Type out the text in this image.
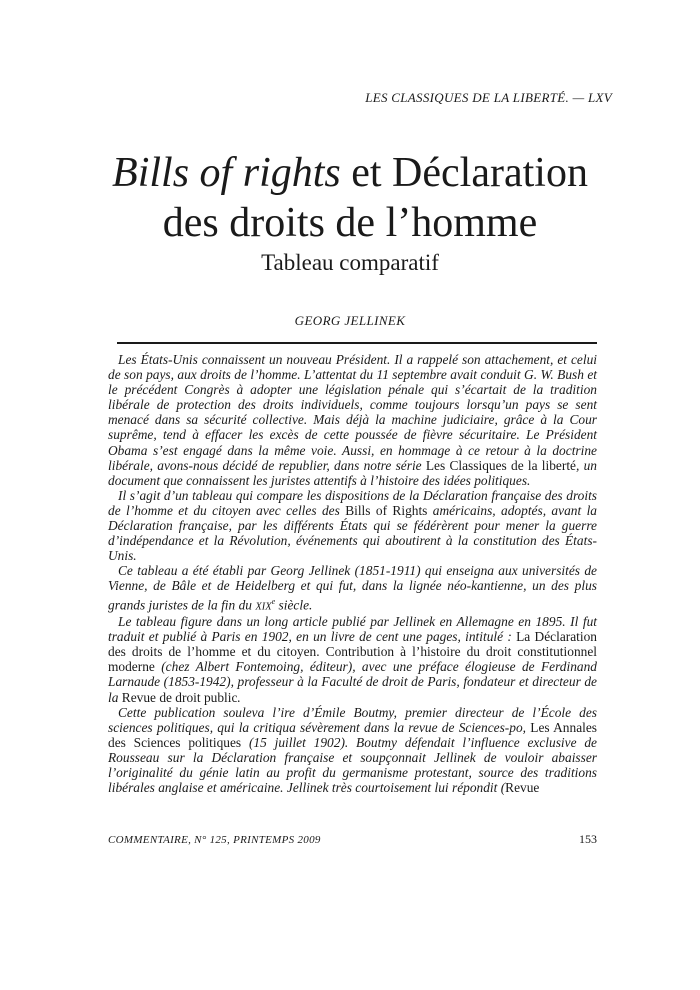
LES CLASSIQUES DE LA LIBERTÉ. — LXV
Bills of rights et Déclaration
des droits de l’homme
Tableau comparatif
GEORG JELLINEK

Les États-Unis connaissent un nouveau Président. Il a rappelé son attachement, et celui de son pays, aux droits de l’homme. L’attentat du 11 septembre avait conduit G. W. Bush et le précédent Congrès à adopter une législation pénale qui s’écartait de la tradition libérale de protection des droits individuels, comme toujours lorsqu’un pays se sent menacé dans sa sécurité collective. Mais déjà la machine judiciaire, grâce à la Cour suprême, tend à effacer les excès de cette poussée de fièvre sécuritaire. Le Président Obama s’est engagé dans la même voie. Aussi, en hommage à ce retour à la doctrine libérale, avons-nous décidé de republier, dans notre série Les Classiques de la liberté, un document que connaissent les juristes attentifs à l’histoire des idées politiques.

Il s’agit d’un tableau qui compare les dispositions de la Déclaration française des droits de l’homme et du citoyen avec celles des Bills of Rights américains, adoptés, avant la Déclaration française, par les différents États qui se fédérèrent pour mener la guerre d’indépendance et la Révolution, événements qui aboutirent à la constitution des États-Unis.

Ce tableau a été établi par Georg Jellinek (1851-1911) qui enseigna aux universités de Vienne, de Bâle et de Heidelberg et qui fut, dans la lignée néo-kantienne, un des plus grands juristes de la fin du XIXe siècle.

Le tableau figure dans un long article publié par Jellinek en Allemagne en 1895. Il fut traduit et publié à Paris en 1902, en un livre de cent une pages, intitulé : La Déclaration des droits de l’homme et du citoyen. Contribution à l’histoire du droit constitutionnel moderne (chez Albert Fontemoing, éditeur), avec une préface élogieuse de Ferdinand Larnaude (1853-1942), professeur à la Faculté de droit de Paris, fondateur et directeur de la Revue de droit public.

Cette publication souleva l’ire d’Émile Boutmy, premier directeur de l’École des sciences politiques, qui la critiqua sévèrement dans la revue de Sciences-po, Les Annales des Sciences politiques (15 juillet 1902). Boutmy défendait l’influence exclusive de Rousseau sur la Déclaration française et soupçonnait Jellinek de vouloir abaisser l’originalité du génie latin au profit du germanisme protestant, source des traditions libérales anglaise et américaine. Jellinek très courtoisement lui répondit (Revue

COMMENTAIRE, N° 125, PRINTEMPS 2009	153
